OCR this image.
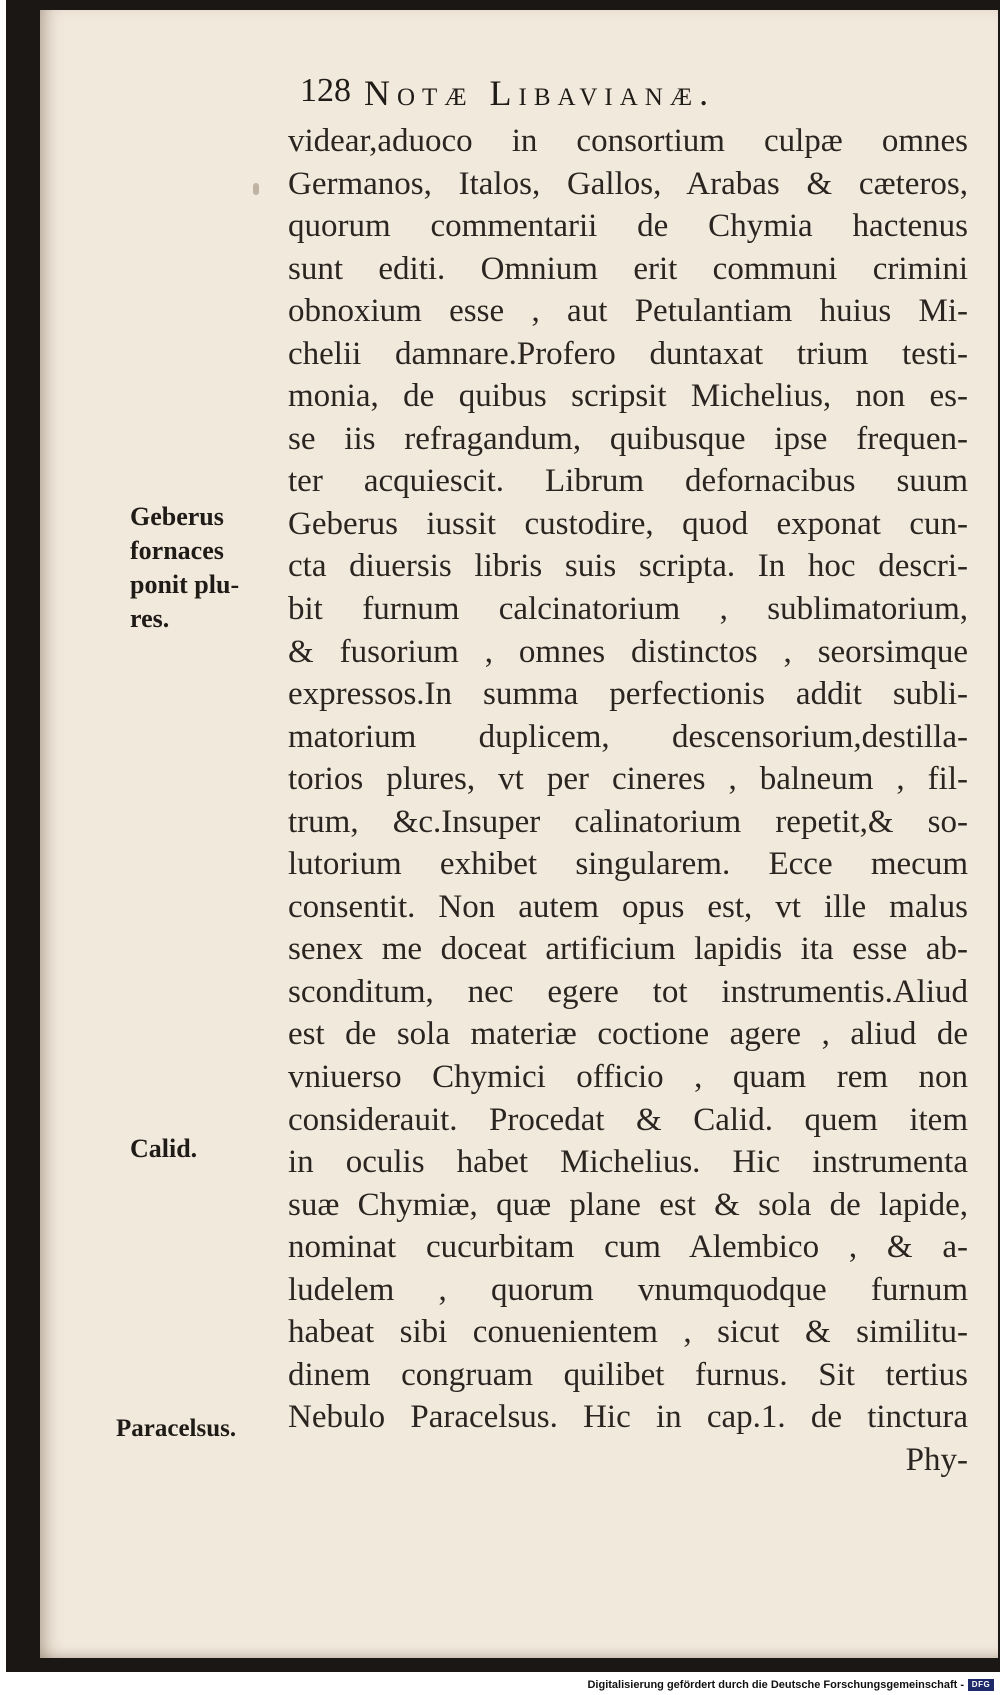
128 Notæ Libavianæ.
Geberus
fornaces
ponit plu-
res.
Calid.
Paracelsus.
videar,aduoco in consortium culpæ omnes
Germanos, Italos, Gallos, Arabas & cæteros,
quorum commentarii de Chymia hactenus
sunt editi. Omnium erit communi crimini
obnoxium esse , aut Petulantiam huius Mi-
chelii damnare.Profero duntaxat trium testi-
monia, de quibus scripsit Michelius, non es-
se iis refragandum, quibusque ipse frequen-
ter acquiescit. Librum defornacibus suum
Geberus iussit custodire, quod exponat cun-
cta diuersis libris suis scripta. In hoc descri-
bit furnum calcinatorium , sublimatorium,
& fusorium , omnes distinctos , seorsimque
expressos.In summa perfectionis addit subli-
matorium duplicem, descensorium,destilla-
torios plures, vt per cineres , balneum , fil-
trum, &c.Insuper calinatorium repetit,& so-
lutorium exhibet singularem. Ecce mecum
consentit. Non autem opus est, vt ille malus
senex me doceat artificium lapidis ita esse ab-
sconditum, nec egere tot instrumentis.Aliud
est de sola materiæ coctione agere , aliud de
vniuerso Chymici officio , quam rem non
considerauit. Procedat & Calid. quem item
in oculis habet Michelius. Hic instrumenta
suæ Chymiæ, quæ plane est & sola de lapide,
nominat cucurbitam cum Alembico , & a-
ludelem , quorum vnumquodque furnum
habeat sibi conuenientem , sicut & similitu-
dinem congruam quilibet furnus. Sit tertius
Nebulo Paracelsus. Hic in cap.1. de tinctura
Phy-
Digitalisierung gefördert durch die Deutsche Forschungsgemeinschaft - DFG
